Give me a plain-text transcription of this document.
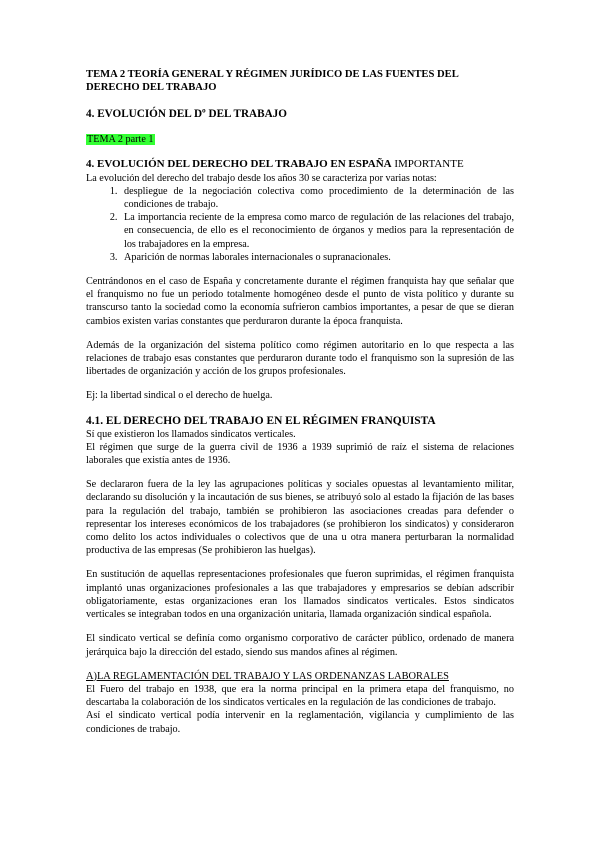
TEMA 2 TEORÍA GENERAL Y RÉGIMEN JURÍDICO DE LAS FUENTES DEL DERECHO DEL TRABAJO
4. EVOLUCIÓN DEL Dº DEL TRABAJO
TEMA 2 parte 1
4. EVOLUCIÓN DEL DERECHO DEL TRABAJO EN ESPAÑA IMPORTANTE

La evolución del derecho del trabajo desde los años 30 se caracteriza por varias notas:

1. despliegue de la negociación colectiva como procedimiento de la determinación de las condiciones de trabajo.
2. La importancia reciente de la empresa como marco de regulación de las relaciones del trabajo, en consecuencia, de ello es el reconocimiento de órganos y medios para la representación de los trabajadores en la empresa.
3. Aparición de normas laborales internacionales o supranacionales.

Centrándonos en el caso de España y concretamente durante el régimen franquista hay que señalar que el franquismo no fue un periodo totalmente homogéneo desde el punto de vista político y durante su transcurso tanto la sociedad como la economía sufrieron cambios importantes, a pesar de que se dieran cambios existen varias constantes que perduraron durante la época franquista.

Además de la organización del sistema político como régimen autoritario en lo que respecta a las relaciones de trabajo esas constantes que perduraron durante todo el franquismo son la supresión de las libertades de organización y acción de los grupos profesionales.

Ej: la libertad sindical o el derecho de huelga.

4.1. EL DERECHO DEL TRABAJO EN EL RÉGIMEN FRANQUISTA

Sí que existieron los llamados sindicatos verticales.

El régimen que surge de la guerra civil de 1936 a 1939 suprimió de raíz el sistema de relaciones laborales que existía antes de 1936.

Se declararon fuera de la ley las agrupaciones políticas y sociales opuestas al levantamiento militar, declarando su disolución y la incautación de sus bienes, se atribuyó solo al estado la fijación de las bases para la regulación del trabajo, también se prohibieron las asociaciones creadas para defender o representar los intereses económicos de los trabajadores (se prohibieron los sindicatos) y consideraron como delito los actos individuales o colectivos que de una u otra manera perturbaran la normalidad productiva de las empresas (Se prohibieron las huelgas).

En sustitución de aquellas representaciones profesionales que fueron suprimidas, el régimen franquista implantó unas organizaciones profesionales a las que trabajadores y empresarios se debían adscribir obligatoriamente, estas organizaciones eran los llamados sindicatos verticales. Estos sindicatos verticales se integraban todos en una organización unitaria, llamada organización sindical española.

El sindicato vertical se definía como organismo corporativo de carácter público, ordenado de manera jerárquica bajo la dirección del estado, siendo sus mandos afines al régimen.

A)LA REGLAMENTACIÓN DEL TRABAJO Y LAS ORDENANZAS LABORALES

El Fuero del trabajo en 1938, que era la norma principal en la primera etapa del franquismo, no descartaba la colaboración de los sindicatos verticales en la regulación de las condiciones de trabajo.

Así el sindicato vertical podía intervenir en la reglamentación, vigilancia y cumplimiento de las condiciones de trabajo.
